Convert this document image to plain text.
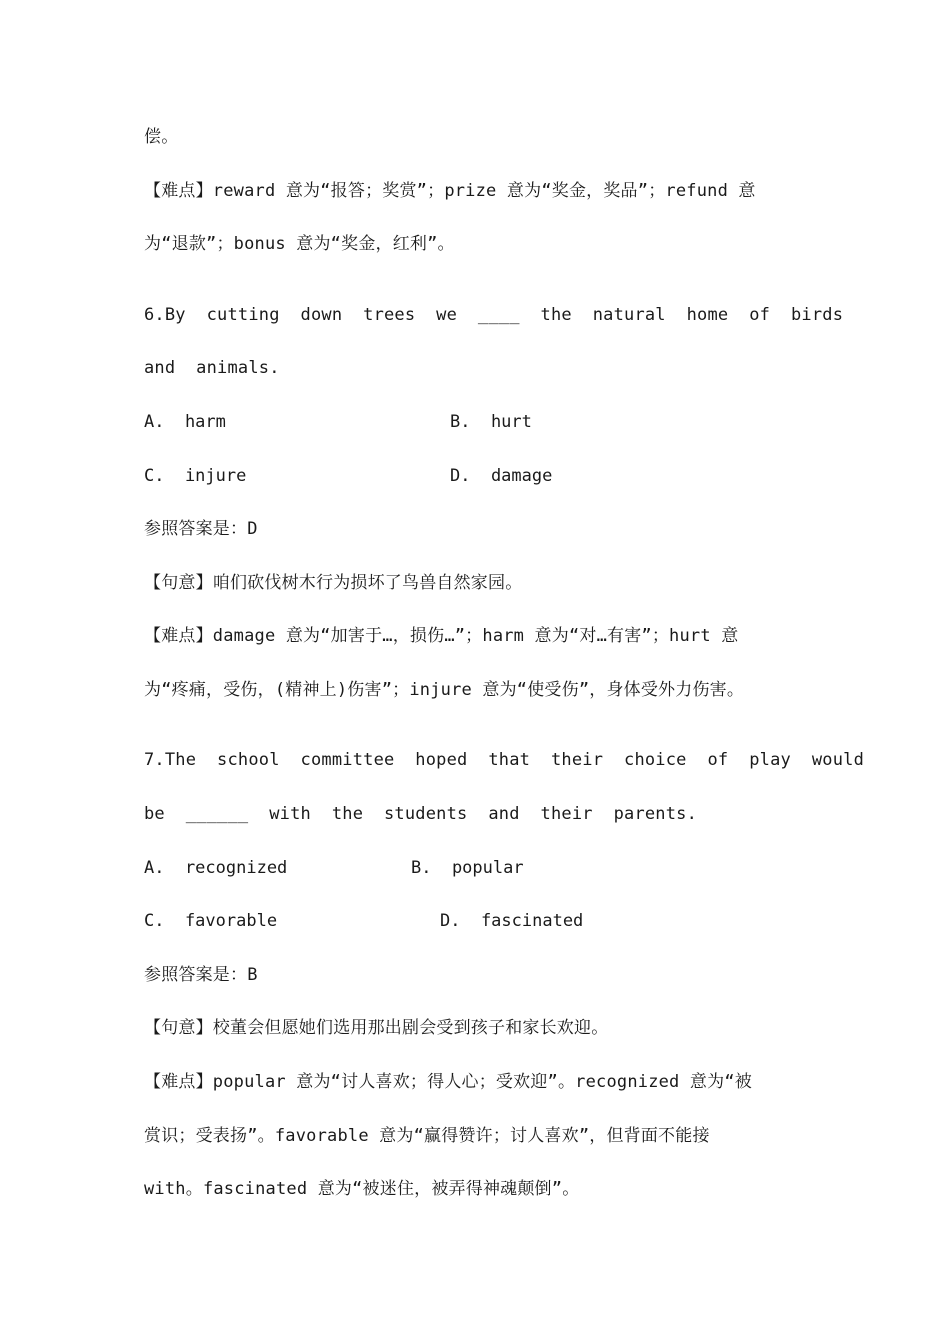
偿。
【难点】reward 意为“报答；奖赏”；prize 意为“奖金，奖品”；refund 意
为“退款”；bonus 意为“奖金，红利”。
6.By  cutting  down  trees  we  ____  the  natural  home  of  birds
and  animals.
A.  harm	B.  hurt
C.  injure	D.  damage
参照答案是：D
【句意】咱们砍伐树木行为损坏了鸟兽自然家园。
【难点】damage 意为“加害于…，损伤…”；harm 意为“对…有害”；hurt 意
为“疼痛，受伤，(精神上)伤害”；injure 意为“使受伤”，身体受外力伤害。
7.The  school  committee  hoped  that  their  choice  of  play  would
be  ______  with  the  students  and  their  parents.
A.  recognized	B.  popular
C.  favorable	D.  fascinated
参照答案是：B
【句意】校董会但愿她们选用那出剧会受到孩子和家长欢迎。
【难点】popular 意为“讨人喜欢；得人心；受欢迎”。recognized 意为“被
赏识；受表扬”。favorable 意为“赢得赞许；讨人喜欢”，但背面不能接
with。fascinated 意为“被迷住，被弄得神魂颠倒”。
